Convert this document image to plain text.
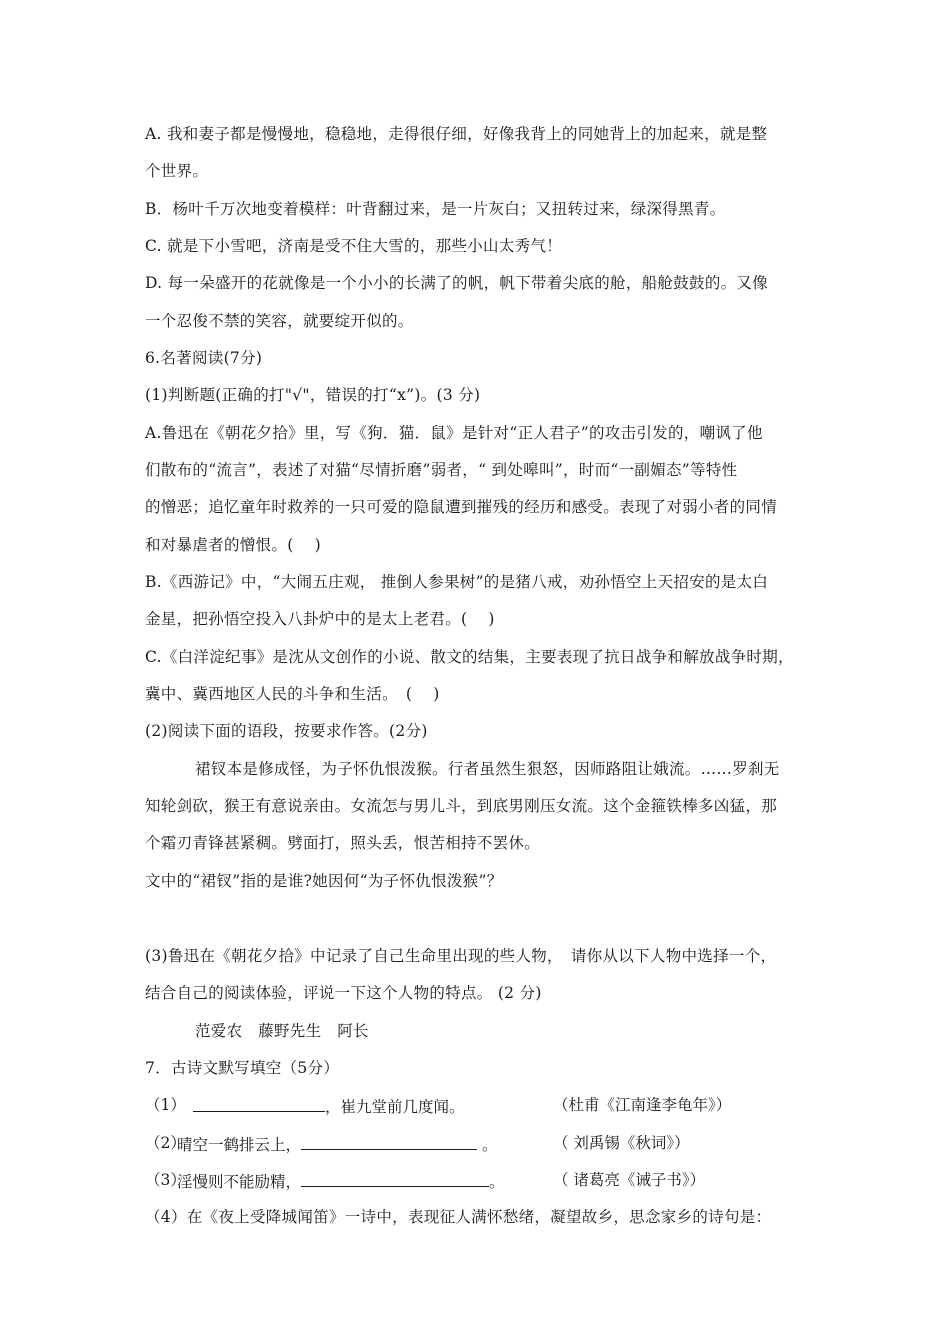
A. 我和妻子都是慢慢地，稳稳地，走得很仔细，好像我背上的同她背上的加起来，就是整
个世界。
B．杨叶千万次地变着模样：叶背翻过来，是一片灰白；又扭转过来，绿深得黑青。
C. 就是下小雪吧，济南是受不住大雪的，那些小山太秀气！
D. 每一朵盛开的花就像是一个小小的长满了的帆，帆下带着尖底的舱，船舱鼓鼓的。又像
一个忍俊不禁的笑容，就要绽开似的。
6.名著阅读(7分)
(1)判断题(正确的打"√"，错误的打“x”)。(3 分)
A.鲁迅在《朝花夕拾》里，写《狗．猫．鼠》是针对“正人君子”的攻击引发的，嘲讽了他
们散布的“流言”，表述了对猫“尽情折磨”弱者，“ 到处嗥叫”，时而“一副媚态”等特性
的憎恶；追忆童年时救养的一只可爱的隐鼠遭到摧残的经历和感受。表现了对弱小者的同情
和对暴虐者的憎恨。(　 )
B.《西游记》中，“大闹五庄观， 推倒人参果树”的是猪八戒，劝孙悟空上天招安的是太白
金星，把孙悟空投入八卦炉中的是太上老君。(　 )
C.《白洋淀纪事》是沈从文创作的小说、散文的结集，主要表现了抗日战争和解放战争时期，
冀中、冀西地区人民的斗争和生活。　(　 )
(2)阅读下面的语段，按要求作答。(2分)
裙钗本是修成怪，为子怀仇恨泼猴。行者虽然生狠怒，因师路阻让娥流。……罗刹无
知轮剑砍，猴王有意说亲由。女流怎与男儿斗，到底男刚压女流。这个金箍铁棒多凶猛，那
个霜刃青锋甚紧稠。劈面打，照头丢，恨苦相持不罢休。
文中的“裙钗”指的是谁?她因何“为子怀仇恨泼猴”？
(3)鲁迅在《朝花夕拾》中记录了自己生命里出现的些人物，　请你从以下人物中选择一个，
结合自己的阅读体验，评说一下这个人物的特点。 (2 分)
范爱农　藤野先生　阿长
7．古诗文默写填空（5分）
（1）	，崔九堂前几度闻。	（杜甫《江南逢李龟年》）
（2）
晴空一鹤排云上，	。	（ 刘禹锡《秋词》）
（3）
淫慢则不能励精，	。	（ 诸葛亮《诫子书》）
（4）在《夜上受降城闻笛》一诗中，表现征人满怀愁绪，凝望故乡，思念家乡的诗句是：
